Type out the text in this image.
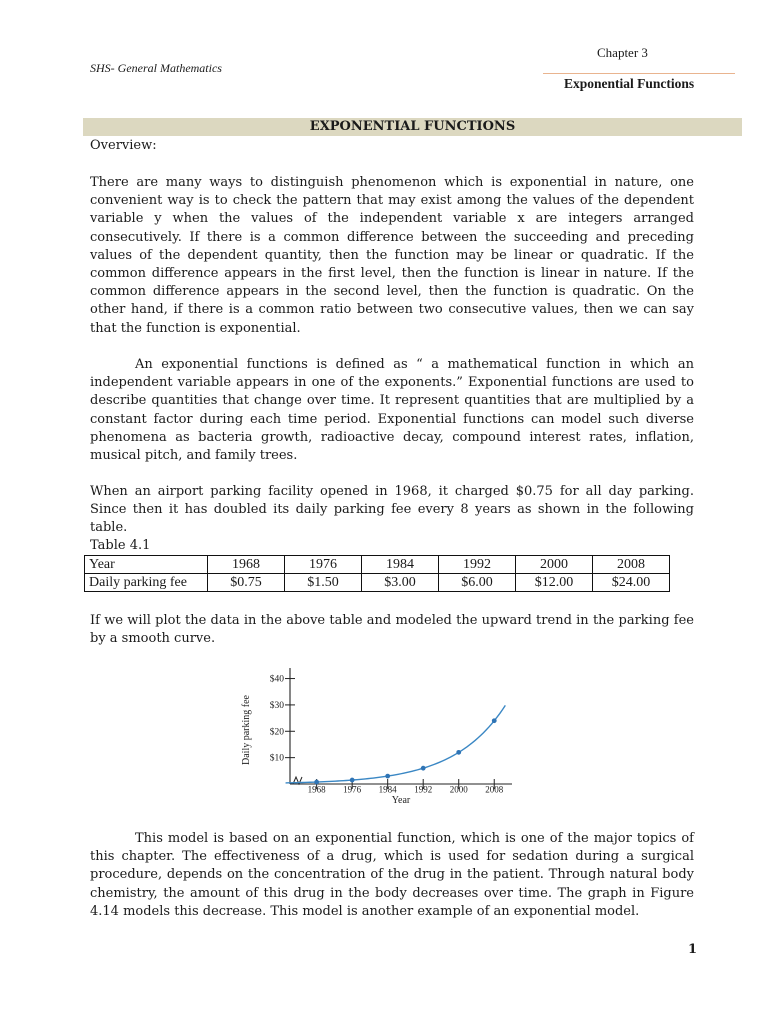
SHS- General Mathematics
Chapter 3
Exponential Functions
EXPONENTIAL FUNCTIONS
Overview:

There are many ways to distinguish phenomenon which is exponential in nature, one convenient way is to check the pattern that may exist among the values of the dependent variable y when the values of the independent variable x are integers arranged consecutively. If there is a common difference between the succeeding and preceding values of the dependent quantity, then the function may be linear or quadratic. If the common difference appears in the first level, then the function is linear in nature. If the common difference appears in the second level, then the function is quadratic. On the other hand, if there is a common ratio between two consecutive values, then we can say that the function is exponential.

An exponential functions is defined as “ a mathematical function in which an independent variable appears in one of the exponents.” Exponential functions are used to describe quantities that change over time. It represent quantities that are multiplied by a constant factor during each time period. Exponential functions can model such diverse phenomena as bacteria growth, radioactive decay, compound interest rates, inflation, musical pitch, and family trees.

When an airport parking facility opened in 1968, it charged $0.75 for all day parking. Since then it has doubled its daily parking fee every 8 years as shown in the following table.

Table 4.1
Year	1968	1976	1984	1992	2000	2008
Daily parking fee	$0.75	$1.50	$3.00	$6.00	$12.00	$24.00

If we will plot the data in the above table and modeled the upward trend in the parking fee by a smooth curve.

$10
$20
$30
$40
1968 1976 1984 1992 2000 2008
Daily parking fee
Year

This model is based on an exponential function, which is one of the major topics of this chapter. The effectiveness of a drug, which is used for sedation during a surgical procedure, depends on the concentration of the drug in the patient. Through natural body chemistry, the amount of this drug in the body decreases over time. The graph in Figure 4.14 models this decrease. This model is another example of an exponential model.

1
